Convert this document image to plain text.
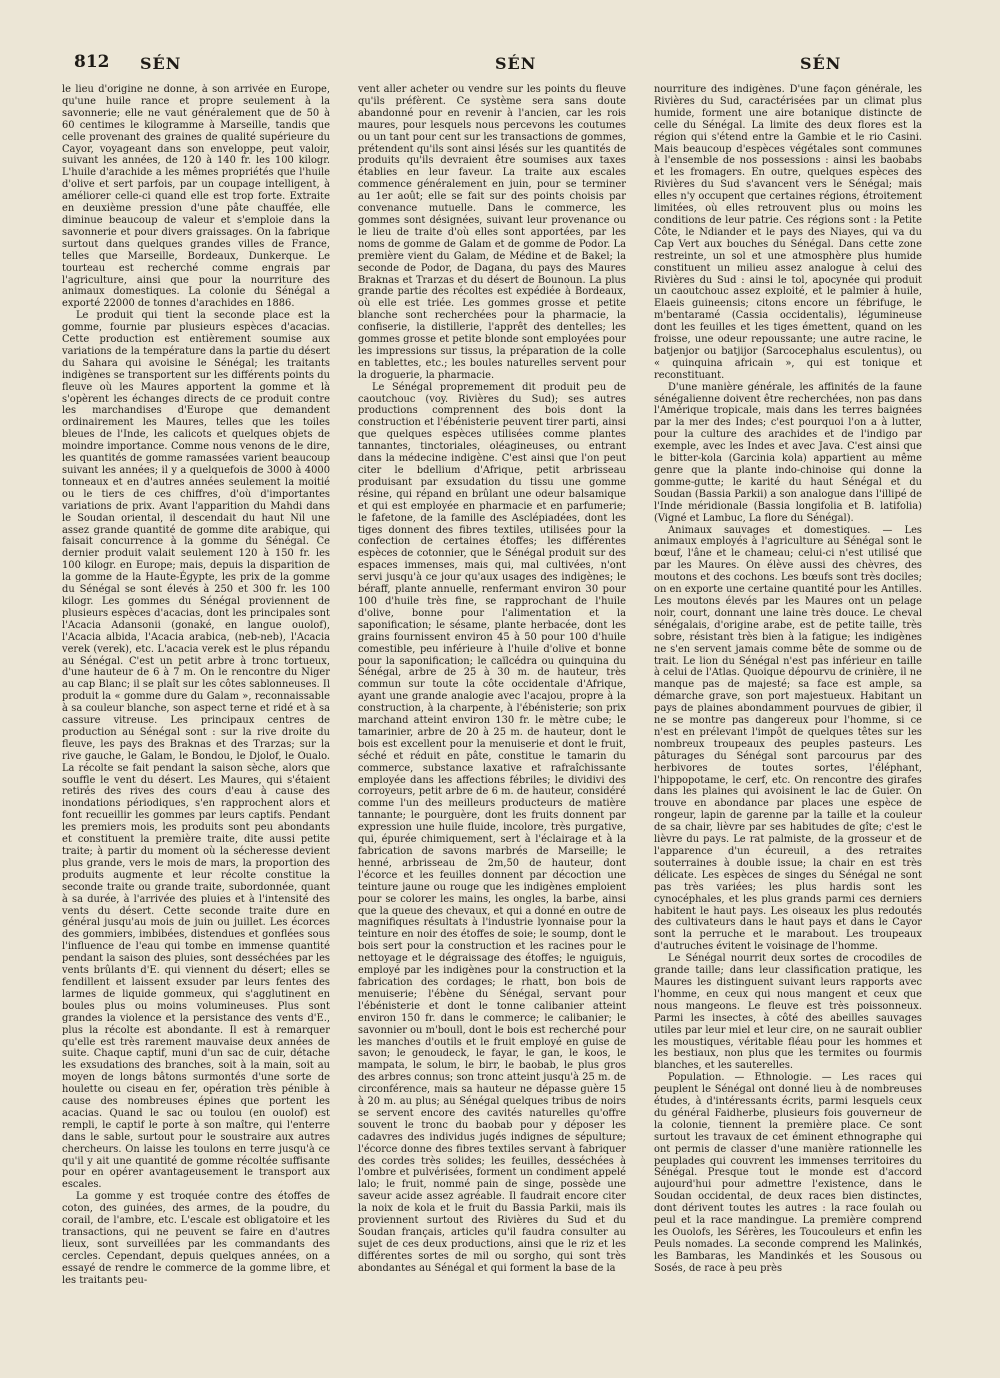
812 SÉN	SÉN	SÉN

le lieu d'origine ne donne, à son arrivée en Europe, qu'une huile rance et propre seulement à la savonnerie; elle ne vaut généralement que de 50 à 60 centimes le kilogramme à Marseille, tandis que celle provenant des graines de qualité supérieure du Cayor, voyageant dans son enveloppe, peut valoir, suivant les années, de 120 à 140 fr. les 100 kilogr. L'huile d'arachide a les mêmes propriétés que l'huile d'olive et sert parfois, par un coupage intelligent, à améliorer celle-ci quand elle est trop forte. Extraite en deuxième pression d'une pâte chauffée, elle diminue beaucoup de valeur et s'emploie dans la savonnerie et pour divers graissages. On la fabrique surtout dans quelques grandes villes de France, telles que Marseille, Bordeaux, Dunkerque. Le tourteau est recherché comme engrais par l'agriculture, ainsi que pour la nourriture des animaux domestiques. La colonie du Sénégal a exporté 22000 de tonnes d'arachides en 1886.

Le produit qui tient la seconde place est la gomme, fournie par plusieurs espèces d'acacias. Cette production est entièrement soumise aux variations de la température dans la partie du désert du Sahara qui avoisine le Sénégal; les traitants indigènes se transportent sur les différents points du fleuve où les Maures apportent la gomme et là s'opèrent les échanges directs de ce produit contre les marchandises d'Europe que demandent ordinairement les Maures, telles que les toiles bleues de l'Inde, les calicots et quelques objets de moindre importance. Comme nous venons de le dire, les quantités de gomme ramassées varient beaucoup suivant les années; il y a quelquefois de 3000 à 4000 tonneaux et en d'autres années seulement la moitié ou le tiers de ces chiffres, d'où d'importantes variations de prix. Avant l'apparition du Mahdi dans le Soudan oriental, il descendait du haut Nil une assez grande quantité de gomme dite arabique, qui faisait concurrence à la gomme du Sénégal. Ce dernier produit valait seulement 120 à 150 fr. les 100 kilogr. en Europe; mais, depuis la disparition de la gomme de la Haute-Égypte, les prix de la gomme du Sénégal se sont élevés à 250 et 300 fr. les 100 kilogr. Les gommes du Sénégal proviennent de plusieurs espèces d'acacias, dont les principales sont l'Acacia Adansonii (gonaké, en langue ouolof), l'Acacia albida, l'Acacia arabica, (neb-neb), l'Acacia verek (verek), etc. L'acacia verek est le plus répandu au Sénégal. C'est un petit arbre à tronc tortueux, d'une hauteur de 6 à 7 m. On le rencontre du Niger au cap Blanc; il se plaît sur les côtes sablonneuses. Il produit la « gomme dure du Galam », reconnaissable à sa couleur blanche, son aspect terne et ridé et à sa cassure vitreuse. Les principaux centres de production au Sénégal sont : sur la rive droite du fleuve, les pays des Braknas et des Trarzas; sur la rive gauche, le Galam, le Bondou, le Djolof, le Oualo. La récolte se fait pendant la saison sèche, alors que souffle le vent du désert. Les Maures, qui s'étaient retirés des rives des cours d'eau à cause des inondations périodiques, s'en rapprochent alors et font recueillir les gommes par leurs captifs. Pendant les premiers mois, les produits sont peu abondants et constituent la première traite, dite aussi petite traite; à partir du moment où la sécheresse devient plus grande, vers le mois de mars, la proportion des produits augmente et leur récolte constitue la seconde traite ou grande traite, subordonnée, quant à sa durée, à l'arrivée des pluies et à l'intensité des vents du désert. Cette seconde traite dure en général jusqu'au mois de juin ou juillet. Les écorces des gommiers, imbibées, distendues et gonflées sous l'influence de l'eau qui tombe en immense quantité pendant la saison des pluies, sont desséchées par les vents brûlants d'E. qui viennent du désert; elles se fendillent et laissent exsuder par leurs fentes des larmes de liquide gommeux, qui s'agglutinent en boules plus ou moins volumineuses. Plus sont grandes la violence et la persistance des vents d'E., plus la récolte est abondante. Il est à remarquer qu'elle est très rarement mauvaise deux années de suite. Chaque captif, muni d'un sac de cuir, détache les exsudations des branches, soit à la main, soit au moyen de longs bâtons surmontés d'une sorte de houlette ou ciseau en fer, opération très pénible à cause des nombreuses épines que portent les acacias. Quand le sac ou toulou (en ouolof) est rempli, le captif le porte à son maître, qui l'enterre dans le sable, surtout pour le soustraire aux autres chercheurs. On laisse les toulons en terre jusqu'à ce qu'il y ait une quantité de gomme récoltée suffisante pour en opérer avantageusement le transport aux escales.

La gomme y est troquée contre des étoffes de coton, des guinées, des armes, de la poudre, du corail, de l'ambre, etc. L'escale est obligatoire et les transactions, qui ne peuvent se faire en d'autres lieux, sont surveillées par les commandants des cercles. Cependant, depuis quelques années, on a essayé de rendre le commerce de la gomme libre, et les traitants peu-

vent aller acheter ou vendre sur les points du fleuve qu'ils préfèrent. Ce système sera sans doute abandonné pour en revenir à l'ancien, car les rois maures, pour lesquels nous percevons les coutumes ou un tant pour cent sur les transactions de gommes, prétendent qu'ils sont ainsi lésés sur les quantités de produits qu'ils devraient être soumises aux taxes établies en leur faveur. La traite aux escales commence généralement en juin, pour se terminer au 1er août; elle se fait sur des points choisis par convenance mutuelle. Dans le commerce, les gommes sont désignées, suivant leur provenance ou le lieu de traite d'où elles sont apportées, par les noms de gomme de Galam et de gomme de Podor. La première vient du Galam, de Médine et de Bakel; la seconde de Podor, de Dagana, du pays des Maures Braknas et Trarzas et du désert de Bounoun. La plus grande partie des récoltes est expédiée à Bordeaux, où elle est triée. Les gommes grosse et petite blanche sont recherchées pour la pharmacie, la confiserie, la distillerie, l'apprêt des dentelles; les gommes grosse et petite blonde sont employées pour les impressions sur tissus, la préparation de la colle en tablettes, etc.; les boules naturelles servent pour la droguerie, la pharmacie.

Le Sénégal propremement dit produit peu de caoutchouc (voy. Rivières du Sud); ses autres productions comprennent des bois dont la construction et l'ébénisterie peuvent tirer parti, ainsi que quelques espèces utilisées comme plantes tannantes, tinctoriales, oléagineuses, ou entrant dans la médecine indigène. C'est ainsi que l'on peut citer le bdellium d'Afrique, petit arbrisseau produisant par exsudation du tissu une gomme résine, qui répand en brûlant une odeur balsamique et qui est employée en pharmacie et en parfumerie; le fafetone, de la famille des Asclépiadées, dont les tiges donnent des fibres textiles, utilisées pour la confection de certaines étoffes; les différentes espèces de cotonnier, que le Sénégal produit sur des espaces immenses, mais qui, mal cultivées, n'ont servi jusqu'à ce jour qu'aux usages des indigènes; le béraff, plante annuelle, renfermant environ 30 pour 100 d'huile très fine, se rapprochant de l'huile d'olive, bonne pour l'alimentation et la saponification; le sésame, plante herbacée, dont les grains fournissent environ 45 à 50 pour 100 d'huile comestible, peu inférieure à l'huile d'olive et bonne pour la saponification; le caïlcédra ou quinquina du Sénégal, arbre de 25 à 30 m. de hauteur, très commun sur toute la côte occidentale d'Afrique, ayant une grande analogie avec l'acajou, propre à la construction, à la charpente, à l'ébénisterie; son prix marchand atteint environ 130 fr. le mètre cube; le tamarinier, arbre de 20 à 25 m. de hauteur, dont le bois est excellent pour la menuiserie et dont le fruit, séché et réduit en pâte, constitue le tamarin du commerce, substance laxative et rafraîchissante employée dans les affections fébriles; le dividivi des corroyeurs, petit arbre de 6 m. de hauteur, considéré comme l'un des meilleurs producteurs de matière tannante; le pourguère, dont les fruits donnent par expression une huile fluide, incolore, très purgative, qui, épurée chimiquement, sert à l'éclairage et à la fabrication de savons marbrés de Marseille; le henné, arbrisseau de 2m,50 de hauteur, dont l'écorce et les feuilles donnent par décoction une teinture jaune ou rouge que les indigènes emploient pour se colorer les mains, les ongles, la barbe, ainsi que la queue des chevaux, et qui a donné en outre de magnifiques résultats à l'industrie lyonnaise pour la teinture en noir des étoffes de soie; le soump, dont le bois sert pour la construction et les racines pour le nettoyage et le dégraissage des étoffes; le nguiguis, employé par les indigènes pour la construction et la fabrication des cordages; le rhatt, bon bois de menuiserie; l'ébène du Sénégal, servant pour l'ébénisterie et dont le tonne calibanier atteint environ 150 fr. dans le commerce; le calibanier; le savonnier ou m'boull, dont le bois est recherché pour les manches d'outils et le fruit employé en guise de savon; le genoudeck, le fayar, le gan, le koos, le mampata, le solum, le birr, le baobab, le plus gros des arbres connus; son tronc atteint jusqu'à 25 m. de circonférence, mais sa hauteur ne dépasse guère 15 à 20 m. au plus; au Sénégal quelques tribus de noirs se servent encore des cavités naturelles qu'offre souvent le tronc du baobab pour y déposer les cadavres des individus jugés indignes de sépulture; l'écorce donne des fibres textiles servant à fabriquer des cordes très solides; les feuilles, desséchées à l'ombre et pulvérisées, forment un condiment appelé lalo; le fruit, nommé pain de singe, possède une saveur acide assez agréable. Il faudrait encore citer la noix de kola et le fruit du Bassia Parkii, mais ils proviennent surtout des Rivières du Sud et du Soudan français, articles qu'il faudra consulter au sujet de ces deux productions, ainsi que le riz et les différentes sortes de mil ou sorgho, qui sont très abondantes au Sénégal et qui forment la base de la

nourriture des indigènes. D'une façon générale, les Rivières du Sud, caractérisées par un climat plus humide, forment une aire botanique distincte de celle du Sénégal. La limite des deux flores est la région qui s'étend entre la Gambie et le rio Casini. Mais beaucoup d'espèces végétales sont communes à l'ensemble de nos possessions : ainsi les baobabs et les fromagers. En outre, quelques espèces des Rivières du Sud s'avancent vers le Sénégal; mais elles n'y occupent que certaines régions, étroitement limitées, où elles retrouvent plus ou moins les conditions de leur patrie. Ces régions sont : la Petite Côte, le Ndiander et le pays des Niayes, qui va du Cap Vert aux bouches du Sénégal. Dans cette zone restreinte, un sol et une atmosphère plus humide constituent un milieu assez analogue à celui des Rivières du Sud : ainsi le tol, apocynée qui produit un caoutchouc assez exploité, et le palmier à huile, Elaeis guineensis; citons encore un fébrifuge, le m'bentaramé (Cassia occidentalis), légumineuse dont les feuilles et les tiges émettent, quand on les froisse, une odeur repoussante; une autre racine, le batjenjor ou batjijor (Sarcocephalus esculentus), ou « quinquina africain », qui est tonique et reconstituant.

D'une manière générale, les affinités de la faune sénégalienne doivent être recherchées, non pas dans l'Amérique tropicale, mais dans les terres baignées par la mer des Indes; c'est pourquoi l'on a à lutter, pour la culture des arachides et de l'indigo par exemple, avec les Indes et avec Java. C'est ainsi que le bitter-kola (Garcinia kola) appartient au même genre que la plante indo-chinoise qui donne la gomme-gutte; le karité du haut Sénégal et du Soudan (Bassia Parkii) a son analogue dans l'illipé de l'Inde méridionale (Bassia longifolia et B. latifolia) (Vigné et Lambuc, La flore du Sénégal).

Animaux sauvages et domestiques. — Les animaux employés à l'agriculture au Sénégal sont le bœuf, l'âne et le chameau; celui-ci n'est utilisé que par les Maures. On élève aussi des chèvres, des moutons et des cochons. Les bœufs sont très dociles; on en exporte une certaine quantité pour les Antilles. Les moutons élevés par les Maures ont un pelage noir, court, donnant une laine très douce. Le cheval sénégalais, d'origine arabe, est de petite taille, très sobre, résistant très bien à la fatigue; les indigènes ne s'en servent jamais comme bête de somme ou de trait. Le lion du Sénégal n'est pas inférieur en taille à celui de l'Atlas. Quoique dépourvu de crinière, il ne manque pas de majesté; sa face est ample, sa démarche grave, son port majestueux. Habitant un pays de plaines abondamment pourvues de gibier, il ne se montre pas dangereux pour l'homme, si ce n'est en prélevant l'impôt de quelques têtes sur les nombreux troupeaux des peuples pasteurs. Les pâturages du Sénégal sont parcourus par des herbivores de toutes sortes, l'éléphant, l'hippopotame, le cerf, etc. On rencontre des girafes dans les plaines qui avoisinent le lac de Guier. On trouve en abondance par places une espèce de rongeur, lapin de garenne par la taille et la couleur de sa chair, lièvre par ses habitudes de gîte; c'est le lièvre du pays. Le rat palmiste, de la grosseur et de l'apparence d'un écureuil, a des retraites souterraines à double issue; la chair en est très délicate. Les espèces de singes du Sénégal ne sont pas très variées; les plus hardis sont les cynocéphales, et les plus grands parmi ces derniers habitent le haut pays. Les oiseaux les plus redoutés des cultivateurs dans le haut pays et dans le Cayor sont la perruche et le marabout. Les troupeaux d'autruches évitent le voisinage de l'homme.

Le Sénégal nourrit deux sortes de crocodiles de grande taille; dans leur classification pratique, les Maures les distinguent suivant leurs rapports avec l'homme, en ceux qui nous mangent et ceux que nous mangeons. Le fleuve est très poissonneux. Parmi les insectes, à côté des abeilles sauvages utiles par leur miel et leur cire, on ne saurait oublier les moustiques, véritable fléau pour les hommes et les bestiaux, non plus que les termites ou fourmis blanches, et les sauterelles.

Population. — Ethnologie. — Les races qui peuplent le Sénégal ont donné lieu à de nombreuses études, à d'intéressants écrits, parmi lesquels ceux du général Faidherbe, plusieurs fois gouverneur de la colonie, tiennent la première place. Ce sont surtout les travaux de cet éminent ethnographe qui ont permis de classer d'une manière rationnelle les peuplades qui couvrent les immenses territoires du Sénégal. Presque tout le monde est d'accord aujourd'hui pour admettre l'existence, dans le Soudan occidental, de deux races bien distinctes, dont dérivent toutes les autres : la race foulah ou peul et la race mandingue. La première comprend les Ouolofs, les Sérères, les Toucouleurs et enfin les Peuls nomades. La seconde comprend les Malinkés, les Bambaras, les Mandinkés et les Sousous ou Sosés, de race à peu près
